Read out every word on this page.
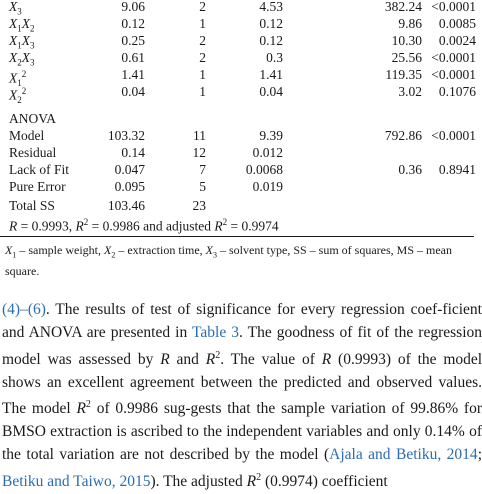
$X_3$	9.06	2	4.53	382.24 <0.0001
$X_1X_2$	0.12	1	0.12	9.86	0.0085
$X_1X_3$	0.25	2	0.12	10.30	0.0024
$X_2X_3$	0.61	2	0.3	25.56 <0.0001
$X_1^2$	1.41	1	1.41	119.35 <0.0001
$X_2^2$	0.04	1	0.04	3.02	0.1076
ANOVA
Model	103.32	11	9.39	792.86 <0.0001
Residual	0.14	12	0.012
Lack of Fit	0.047	7	0.0068	0.36	0.8941
Pure Error	0.095	5	0.019
Total SS	103.46	23
R = 0.9993, $R^2 = 0.9986$ and adjusted $R^2 = 0.9974$
$X_1$ – sample weight, $X_2$ – extraction time, $X_3$ – solvent type, SS – sum of squares, MS – mean square.
(4)–(6). The results of test of significance for every regression coef-ficient and ANOVA are presented in Table 3. The goodness of fit of the regression model was assessed by R and $R^2$. The value of R (0.9993) of the model shows an excellent agreement between the predicted and observed values. The model $R^2$ of 0.9986 sug-gests that the sample variation of 99.86% for BMSO extraction is ascribed to the independent variables and only 0.14% of the total variation are not described by the model (Ajala and Betiku, 2014; Betiku and Taiwo, 2015). The adjusted $R^2$ (0.9974) coefficient
